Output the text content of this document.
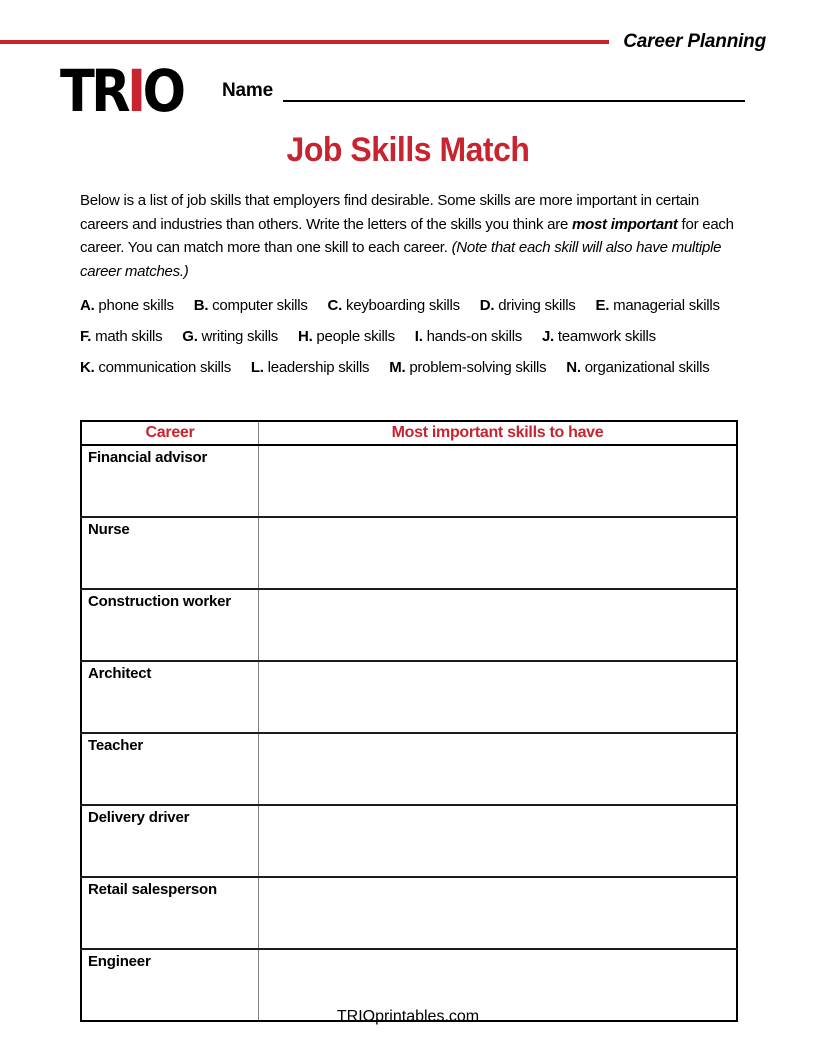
Career Planning
TRIO Name
Job Skills Match

Below is a list of job skills that employers find desirable. Some skills are more important in certain careers and industries than others. Write the letters of the skills you think are most important for each career. You can match more than one skill to each career. (Note that each skill will also have multiple career matches.)

A. phone skills B. computer skills C. keyboarding skills D. driving skills E. managerial skills
F. math skills G. writing skills H. people skills I. hands-on skills J. teamwork skills
K. communication skills L. leadership skills M. problem-solving skills N. organizational skills
Career	Most important skills to have
Financial advisor	
Nurse	
Construction worker	
Architect	
Teacher	
Delivery driver	
Retail salesperson	
Engineer	
TRIOprintables.com
